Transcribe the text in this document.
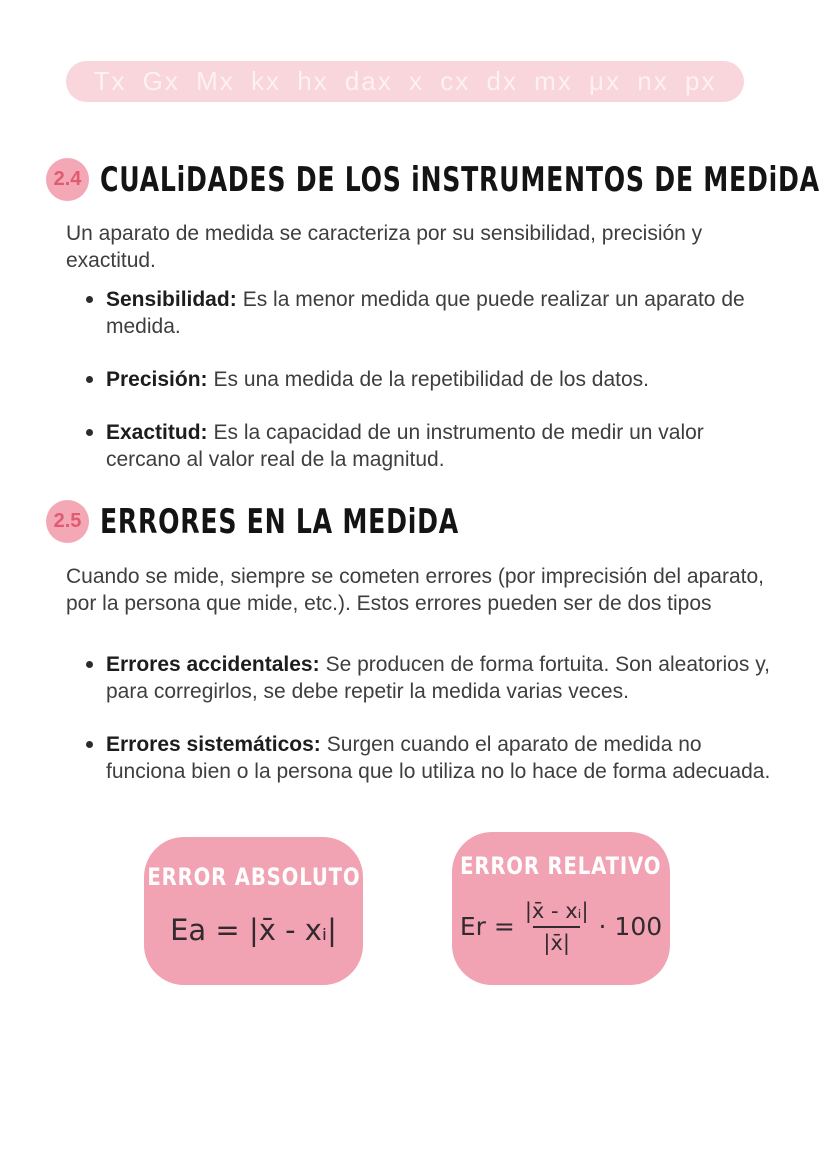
Tx Gx Mx kx hx dax x cx dx mx μx nx px
2.4 CUALiDADES DE LOS iNSTRUMENTOS DE MEDiDA
Un aparato de medida se caracteriza por su sensibilidad, precisión y exactitud.
Sensibilidad: Es la menor medida que puede realizar un aparato de medida.
Precisión: Es una medida de la repetibilidad de los datos.
Exactitud: Es la capacidad de un instrumento de medir un valor cercano al valor real de la magnitud.
2.5 ERRORES EN LA MEDiDA
Cuando se mide, siempre se cometen errores (por imprecisión del aparato, por la persona que mide, etc.). Estos errores pueden ser de dos tipos
Errores accidentales: Se producen de forma fortuita. Son aleatorios y, para corregirlos, se debe repetir la medida varias veces.
Errores sistemáticos: Surgen cuando el aparato de medida no funciona bien o la persona que lo utiliza no lo hace de forma adecuada.
ERROR ABSOLUTO
Ea = |x̄ - xᵢ|
ERROR RELATIVO
$Er = \frac{\text{|x̄ - xᵢ|}}{|x̄|} \cdot 100$
